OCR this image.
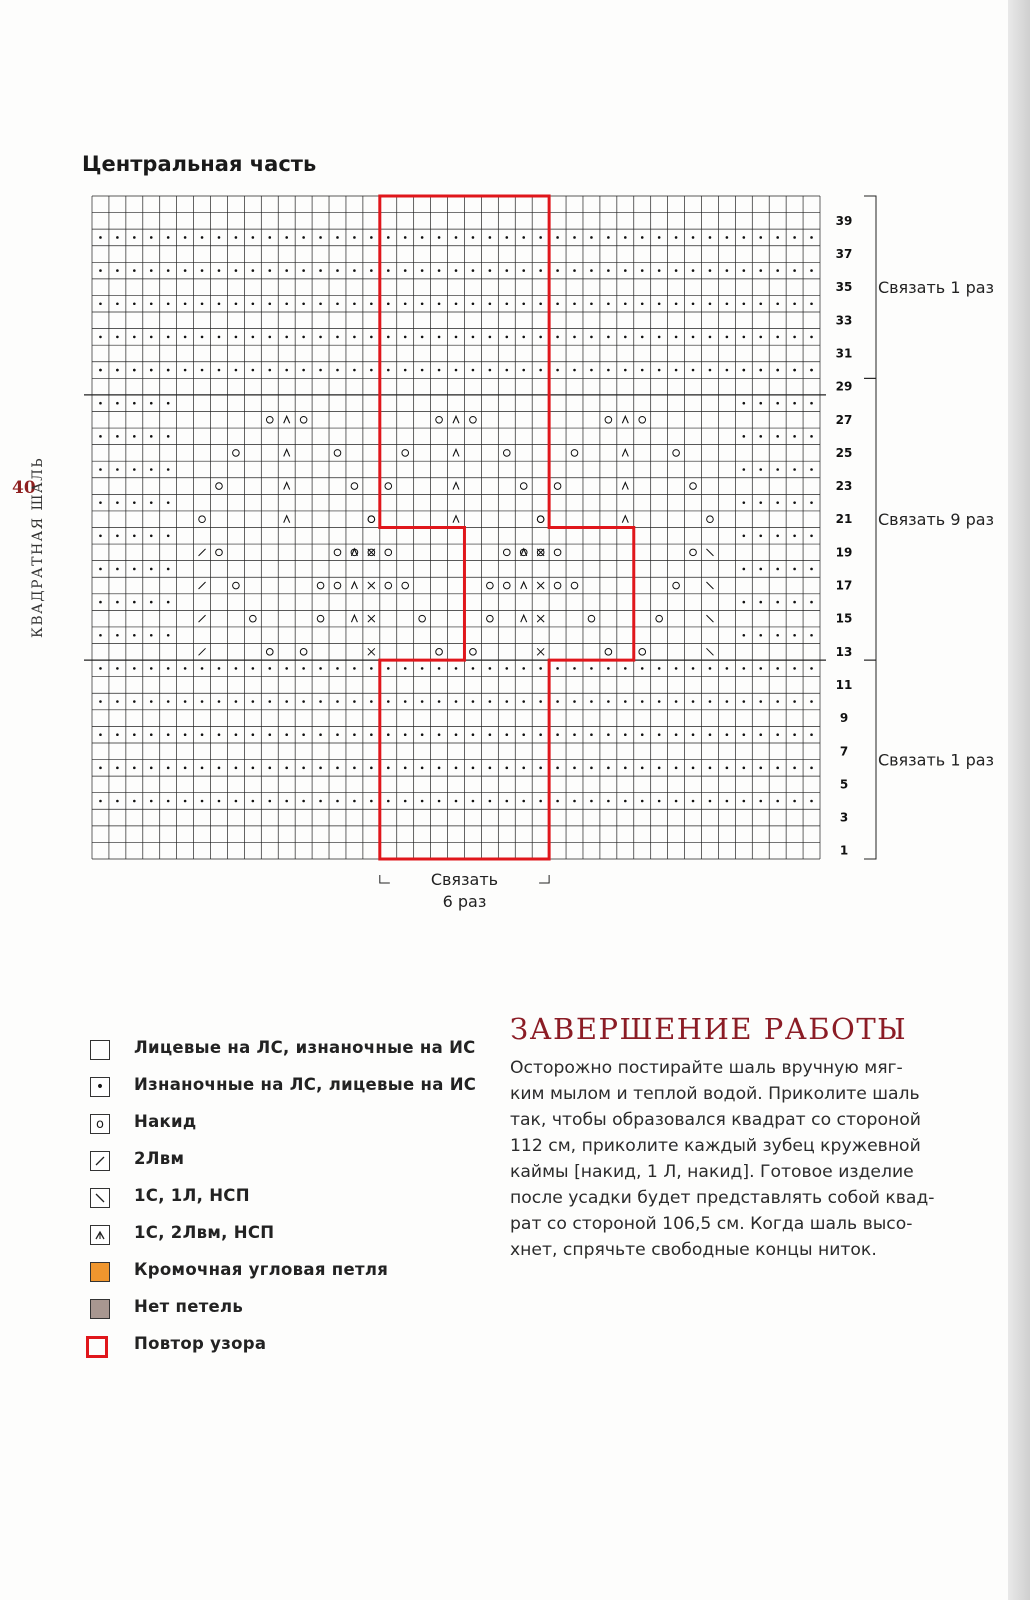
40
КВАДРАТНАЯ ШАЛЬ
Центральная часть
39
37
35
33
31
29
27
25
23
21
19
17
15
13
11
9
7
5
3
1
Связать 1 раз
Связать 9 раз
Связать 1 раз
Связать
6 раз
Лицевые на ЛС, изнаночные на ИС
• Изнаночные на ЛС, лицевые на ИС
o	Накид
2Лвм
1С, 1Л, НСП
1С, 2Лвм, НСП
Кромочная угловая петля
Нет петель
Повтор узора
ЗАВЕРШЕНИЕ РАБОТЫ
Осторожно постирайте шаль вручную мяг-
ким мылом и теплой водой. Приколите шаль
так, чтобы образовался квадрат со стороной
112 см, приколите каждый зубец кружевной
каймы [накид, 1 Л, накид]. Готовое изделие
после усадки будет представлять собой квад-
рат со стороной 106,5 см. Когда шаль высо-
хнет, спрячьте свободные концы ниток.
